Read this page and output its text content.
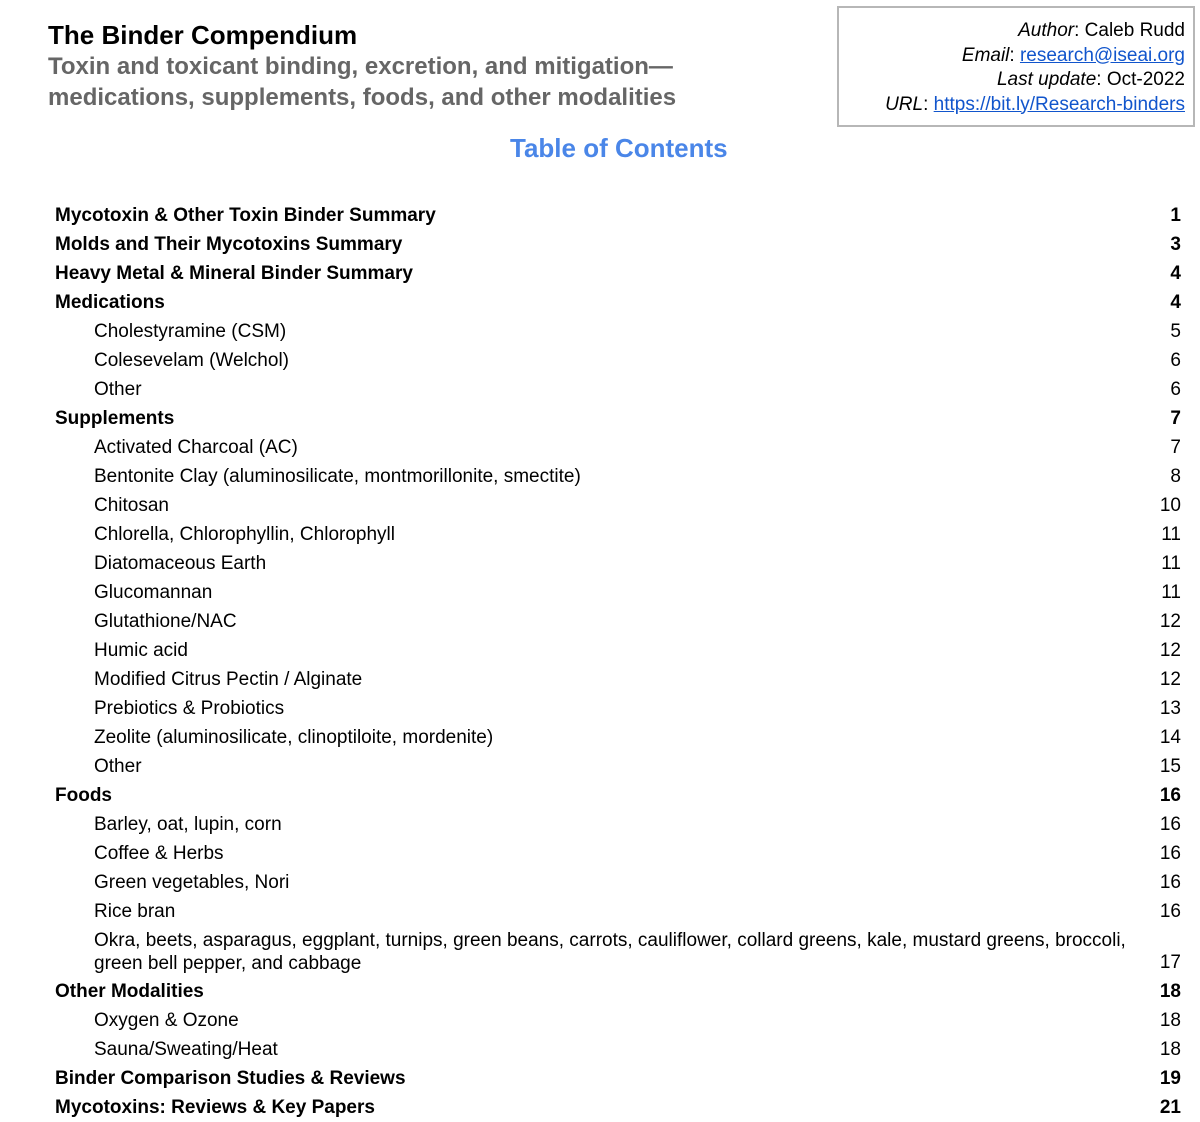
The Binder Compendium

Toxin and toxicant binding, excretion, and mitigation—medications, supplements, foods, and other modalities

Author: Caleb Rudd
Email: research@iseai.org
Last update: Oct-2022
URL: https://bit.ly/Research-binders
Table of Contents
Mycotoxin & Other Toxin Binder Summary	1
Molds and Their Mycotoxins Summary	3
Heavy Metal & Mineral Binder Summary	4
Medications	4
Cholestyramine (CSM)	5
Colesevelam (Welchol)	6
Other	6
Supplements	7
Activated Charcoal (AC)	7
Bentonite Clay (aluminosilicate, montmorillonite, smectite)	8
Chitosan	10
Chlorella, Chlorophyllin, Chlorophyll	11
Diatomaceous Earth	11
Glucomannan	11
Glutathione/NAC	12
Humic acid	12
Modified Citrus Pectin / Alginate	12
Prebiotics & Probiotics	13
Zeolite (aluminosilicate, clinoptiloite, mordenite)	14
Other	15
Foods	16
Barley, oat, lupin, corn	16
Coffee & Herbs	16
Green vegetables, Nori	16
Rice bran	16
Okra, beets, asparagus, eggplant, turnips, green beans, carrots, cauliflower, collard greens, kale, mustard greens, broccoli, green bell pepper, and cabbage	17
Other Modalities	18
Oxygen & Ozone	18
Sauna/Sweating/Heat	18
Binder Comparison Studies & Reviews	19
Mycotoxins: Reviews & Key Papers	21
